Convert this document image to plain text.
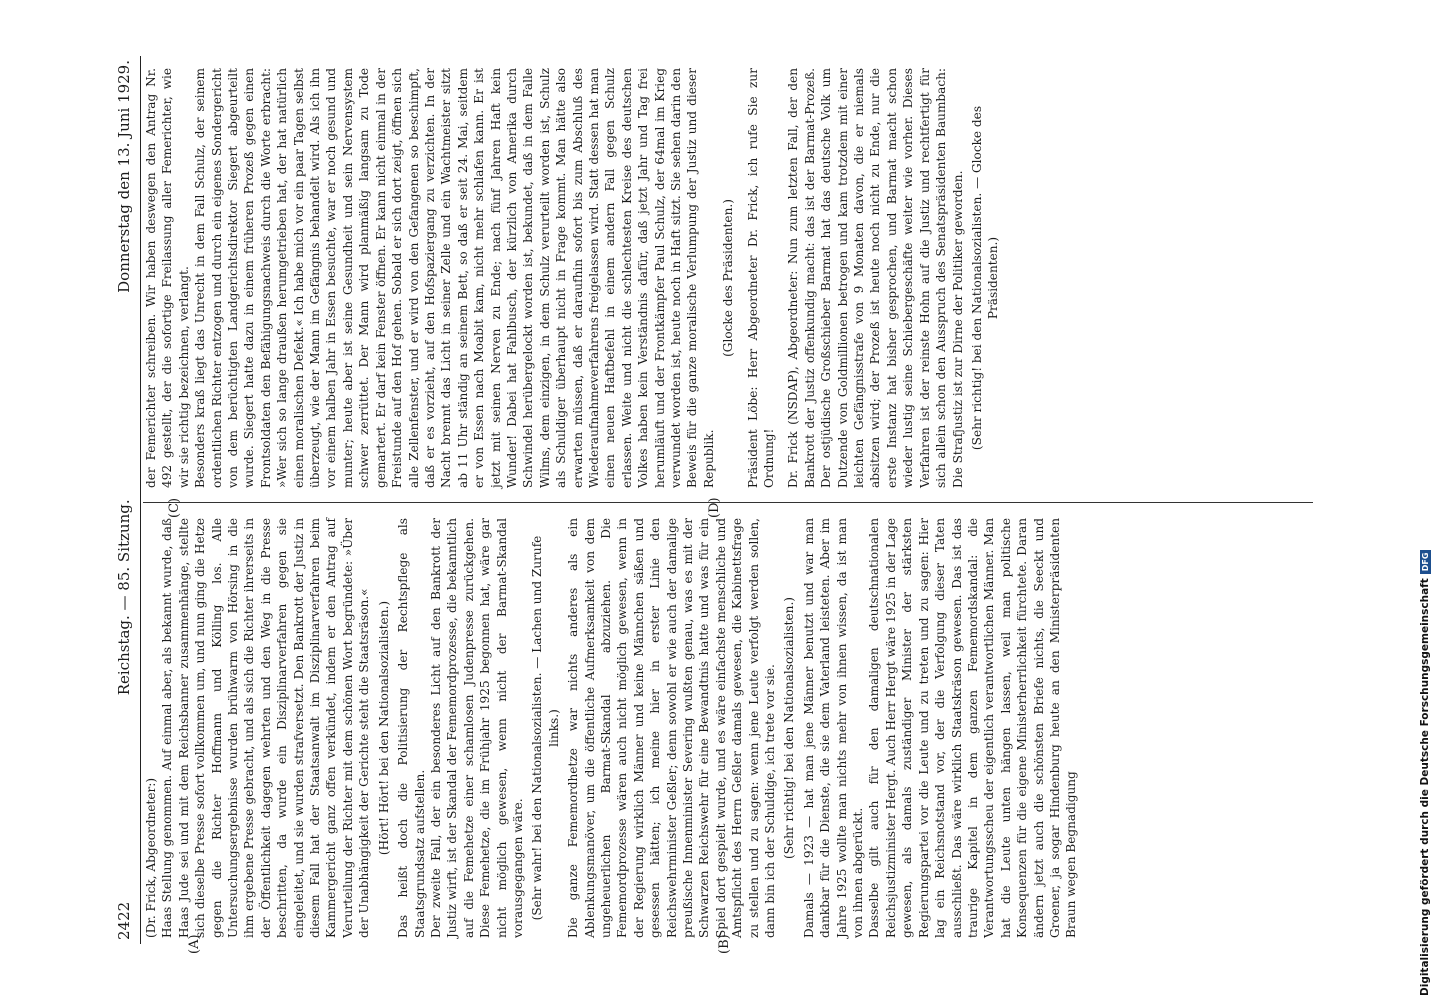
2422
Reichstag. — 85. Sitzung.
Donnerstag den 13. Juni 1929.

(Dr. Frick, Abgeordneter:) Haas Stellung genommen. Auf einmal aber, als bekannt wurde, daß Haas Jude sei und mit dem Reichsbanner zusammenhänge, stellte sich dieselbe Presse sofort vollkommen um, und nun ging die Hetze gegen die Richter Hoffmann und Kölling los. Alle Untersuchungsergebnisse wurden brühwarm von Hörsing in die ihm ergebene Presse gebracht, und als sich die Richter ihrerseits in der Öffentlichkeit dagegen wehrten und den Weg in die Presse beschritten, da wurde ein Disziplinarverfahren gegen sie eingeleitet, und sie wurden strafversetzt. Den Bankrott der Justiz in diesem Fall hat der Staatsanwalt im Disziplinarverfahren beim Kammergericht ganz offen verkündet, indem er den Antrag auf Verurteilung der Richter mit dem schönen Wort begründete: »Über der Unabhängigkeit der Gerichte steht die Staatsräson.« (Hört! Hört! bei den Nationalsozialisten.) Das heißt doch die Politisierung der Rechtspflege als Staatsgrundsatz aufstellen. Der zweite Fall, der ein besonderes Licht auf den Bankrott der Justiz wirft, ist der Skandal der Fememordprozesse, die bekanntlich auf die Femehetze einer schamlosen Judenpresse zurückgehen. Diese Femehetze, die im Frühjahr 1925 begonnen hat, wäre gar nicht möglich gewesen, wenn nicht der Barmat-Skandal vorausgegangen wäre. (Sehr wahr! bei den Nationalsozialisten. — Lachen und Zurufe links.) Die ganze Fememordhetze war nichts anderes als ein Ablenkungsmanöver, um die öffentliche Aufmerksamkeit von dem ungeheuerlichen Barmat-Skandal abzuziehen. Die Fememordprozesse wären auch nicht möglich gewesen, wenn in der Regierung wirklich Männer und keine Männchen säßen und gesessen hätten; ich meine hier in erster Linie den Reichswehrminister Geßler; denn sowohl er wie auch der damalige preußische Innenminister Severing wußten genau, was es mit der Schwarzen Reichswehr für eine Bewandtnis hatte und was für ein Spiel dort gespielt wurde, und es wäre einfachste menschliche und Amtspflicht des Herrn Geßler damals gewesen, die Kabinettsfrage zu stellen und zu sagen: wenn jene Leute verfolgt werden sollen, dann bin ich der Schuldige, ich trete vor sie. (Sehr richtig! bei den Nationalsozialisten.) Damals — 1923 — hat man jene Männer benutzt und war man dankbar für die Dienste, die sie dem Vaterland leisteten. Aber im Jahre 1925 wollte man nichts mehr von ihnen wissen, da ist man von ihnen abgerückt. Dasselbe gilt auch für den damaligen deutschnationalen Reichsjustizminister Hergt. Auch Herr Hergt wäre 1925 in der Lage gewesen, als damals zuständiger Minister der stärksten Regierungspartei vor die Leute und zu treten und zu sagen: Hier lag ein Reichsnotstand vor, der die Verfolgung dieser Taten ausschließt. Das wäre wirklich Staatskräson gewesen. Das ist das traurige Kapitel in dem ganzen Fememordskandal: die Verantwortungsscheu der eigentlich verantwortlichen Männer. Man hat die Leute unten hängen lassen, weil man politische Konsequenzen für die eigene Ministerherrlichkeit fürchtete. Daran ändern jetzt auch die schönsten Briefe nichts, die Seeckt und Groener, ja sogar Hindenburg heute an den Ministerpräsidenten Braun wegen Begnadigung

der Femerichter schreiben. Wir haben deswegen den Antrag Nr. 492 gestellt, der die sofortige Freilassung aller Femerichter, wie wir sie richtig bezeichnen, verlangt. Besonders kraß liegt das Unrecht in dem Fall Schulz, der seinem ordentlichen Richter entzogen und durch ein eigenes Sondergericht von dem berüchtigten Landgerichtsdirektor Siegert abgeurteilt wurde. Siegert hatte dazu in einem früheren Prozeß gegen einen Frontsoldaten den Befähigungsnachweis durch die Worte erbracht: »Wer sich so lange draußen herumgetrieben hat, der hat natürlich einen moralischen Defekt.« Ich habe mich vor ein paar Tagen selbst überzeugt, wie der Mann im Gefängnis behandelt wird. Als ich ihn vor einem halben Jahr in Essen besuchte, war er noch gesund und munter; heute aber ist seine Gesundheit und sein Nervensystem schwer zerrüttet. Der Mann wird planmäßig langsam zu Tode gemartert. Er darf kein Fenster öffnen. Er kann nicht einmal in der Freistunde auf den Hof gehen. Sobald er sich dort zeigt, öffnen sich alle Zellenfenster, und er wird von den Gefangenen so beschimpft, daß er es vorzieht, auf den Hofspaziergang zu verzichten. In der Nacht brennt das Licht in seiner Zelle und ein Wachtmeister sitzt ab 11 Uhr ständig an seinem Bett, so daß er seit 24. Mai, seitdem er von Essen nach Moabit kam, nicht mehr schlafen kann. Er ist jetzt mit seinen Nerven zu Ende; nach fünf Jahren Haft kein Wunder! Dabei hat Fahlbusch, der kürzlich von Amerika durch Schwindel herübergelockt worden ist, bekundet, daß in dem Falle Wilms, dem einzigen, in dem Schulz verurteilt worden ist, Schulz als Schuldiger überhaupt nicht in Frage kommt. Man hätte also erwarten müssen, daß er daraufhin sofort bis zum Abschluß des Wiederaufnahmeverfahrens freigelassen wird. Statt dessen hat man einen neuen Haftbefehl in einem andern Fall gegen Schulz erlassen. Weite und nicht die schlechtesten Kreise des deutschen Volkes haben kein Verständnis dafür, daß jetzt Jahr und Tag frei herumläuft und der Frontkämpfer Paul Schulz, der 64mal im Krieg verwundet worden ist, heute noch in Haft sitzt. Sie sehen darin den Beweis für die ganze moralische Verlumpung der Justiz und dieser Republik.

(Glocke des Präsidenten.) Präsident Löbe: Herr Abgeordneter Dr. Frick, ich rufe Sie zur Ordnung! Dr. Frick (NSDAP), Abgeordneter: Nun zum letzten Fall, der den Bankrott der Justiz offenkundig macht: das ist der Barmat-Prozeß. Der ostjüdische Großschieber Barmat hat das deutsche Volk um Dutzende von Goldmillionen betrogen und kam trotzdem mit einer leichten Gefängnisstrafe von 9 Monaten davon, die er niemals absitzen wird; der Prozeß ist heute noch nicht zu Ende, nur die erste Instanz hat bisher gesprochen, und Barmat macht schon wieder lustig seine Schiebergeschäfte weiter wie vorher. Dieses Verfahren ist der reinste Hohn auf die Justiz und rechtfertigt für sich allein schon den Ausspruch des Senatspräsidenten Baumbach: Die Strafjustiz ist zur Dirne der Politiker geworden. (Sehr richtig! bei den Nationalsozialisten. — Glocke des Präsidenten.)

(A)	(B)
(C)	(D)
Digitalisierung gefördert durch die Deutsche Forschungsgemeinschaft
DFG
